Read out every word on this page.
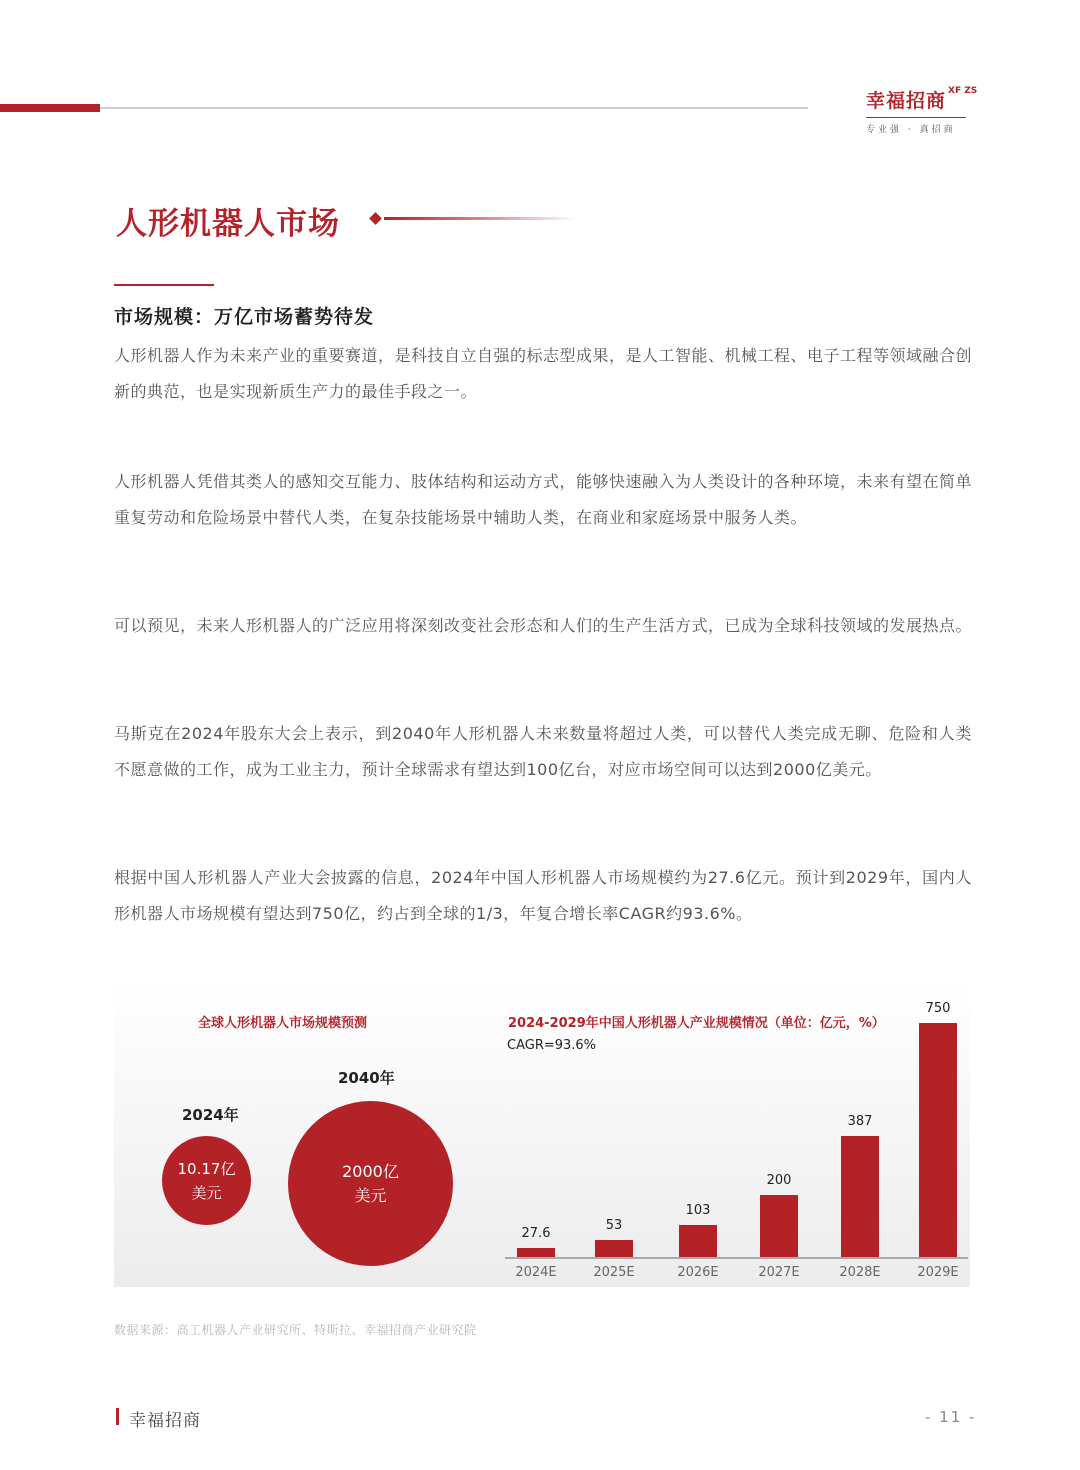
幸福招商 $^{XF ZS}$
专业强 · 真招商
人形机器人市场
市场规模：万亿市场蓄势待发

人形机器人作为未来产业的重要赛道，是科技自立自强的标志型成果，是人工智能、机械工程、电子工程等领域融合创新的典范，也是实现新质生产力的最佳手段之一。

人形机器人凭借其类人的感知交互能力、肢体结构和运动方式，能够快速融入为人类设计的各种环境，未来有望在简单重复劳动和危险场景中替代人类，在复杂技能场景中辅助人类，在商业和家庭场景中服务人类。

可以预见，未来人形机器人的广泛应用将深刻改变社会形态和人们的生产生活方式，已成为全球科技领域的发展热点。

马斯克在2024年股东大会上表示，到2040年人形机器人未来数量将超过人类，可以替代人类完成无聊、危险和人类不愿意做的工作，成为工业主力，预计全球需求有望达到100亿台，对应市场空间可以达到2000亿美元。

根据中国人形机器人产业大会披露的信息，2024年中国人形机器人市场规模约为27.6亿元。预计到2029年，国内人形机器人市场规模有望达到750亿，约占到全球的1/3，年复合增长率CAGR约93.6%。

全球人形机器人市场规模预测
2024年
2040年
10.17亿
美元
2000亿
美元
2024-2029年中国人形机器人产业规模情况（单位：亿元，%）
CAGR=93.6%
27.6
2024E
53
2025E
103
2026E
200
2027E
387
2028E
750
2029E
数据来源：高工机器人产业研究所、特斯拉、幸福招商产业研究院
幸福招商	- 11 -
